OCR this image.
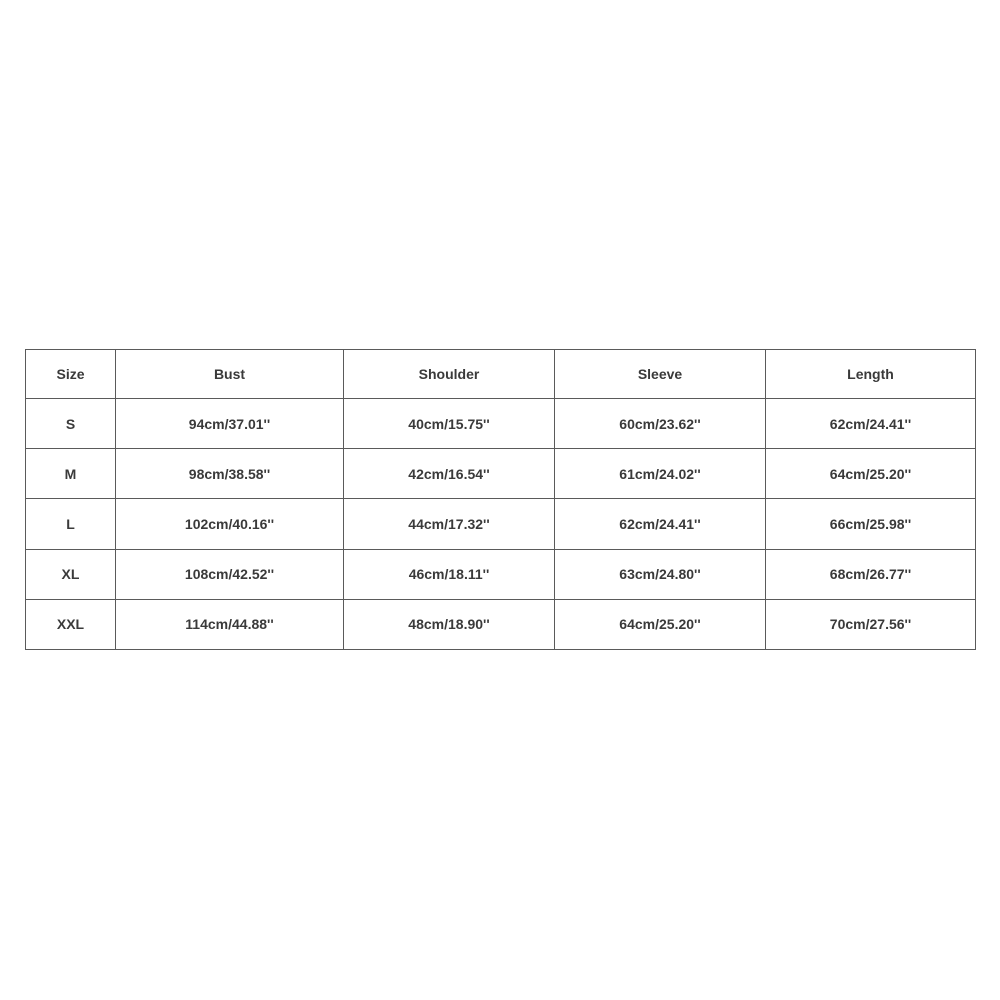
Size	Bust	Shoulder	Sleeve	Length
S	94cm/37.01''	40cm/15.75''	60cm/23.62''	62cm/24.41''
M	98cm/38.58''	42cm/16.54''	61cm/24.02''	64cm/25.20''
L	102cm/40.16''	44cm/17.32''	62cm/24.41''	66cm/25.98''
XL	108cm/42.52''	46cm/18.11''	63cm/24.80''	68cm/26.77''
XXL	114cm/44.88''	48cm/18.90''	64cm/25.20''	70cm/27.56''
